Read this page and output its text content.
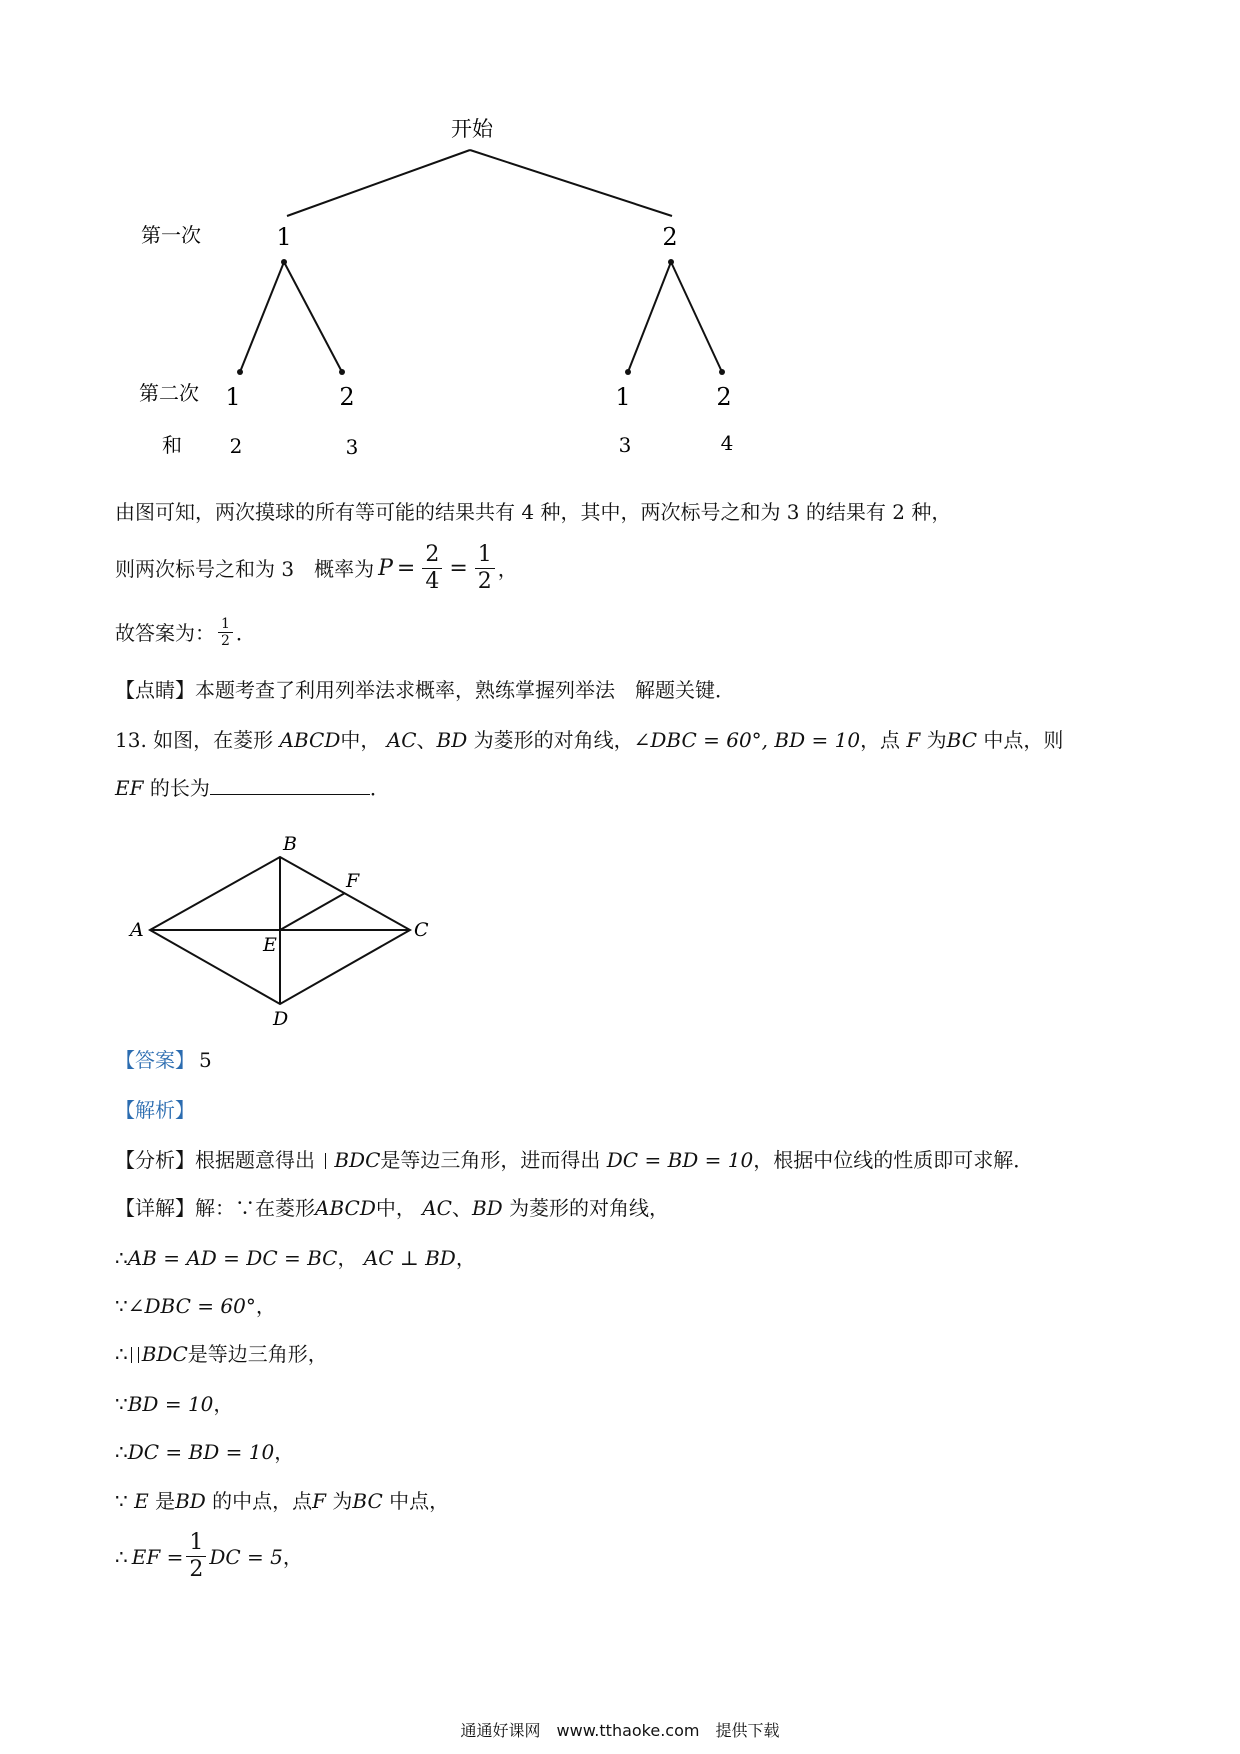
开始
第一次
第二次
和
1	2
1	2	1	2
2	3	3	4
由图可知，两次摸球的所有等可能的结果共有 4 种，其中，两次标号之和为 3 的结果有 2 种，
则两次标号之和为 3　概率为 $P = \frac{2}{4} = \frac{1}{2}$ ，
故答案为： $\frac{1}{2}$ ．
【点睛】本题考查了利用列举法求概率，熟练掌握列举法　解题关键．
13. 如图，在菱形 ABCD中， AC、BD 为菱形的对角线，∠DBC = 60°, BD = 10，点 F 为BC 中点，则
EF 的长为	．
B
F
A	C
E
D
【答案】 5
【解析】
【分析】根据题意得出 BDC是等边三角形，进而得出 DC = BD = 10，根据中位线的性质即可求解．
【详解】解：∵在菱形ABCD中， AC、BD 为菱形的对角线，
∴AB = AD = DC = BC， AC ⊥ BD，
∵∠DBC = 60°，
∴ BDC是等边三角形，
∵BD = 10，
∴DC = BD = 10，
∵ E 是BD 的中点，点F 为BC 中点，
∴ EF = $\frac{1}{2}$ DC = 5 ，
通通好课网　www.tthaoke.com　提供下载
